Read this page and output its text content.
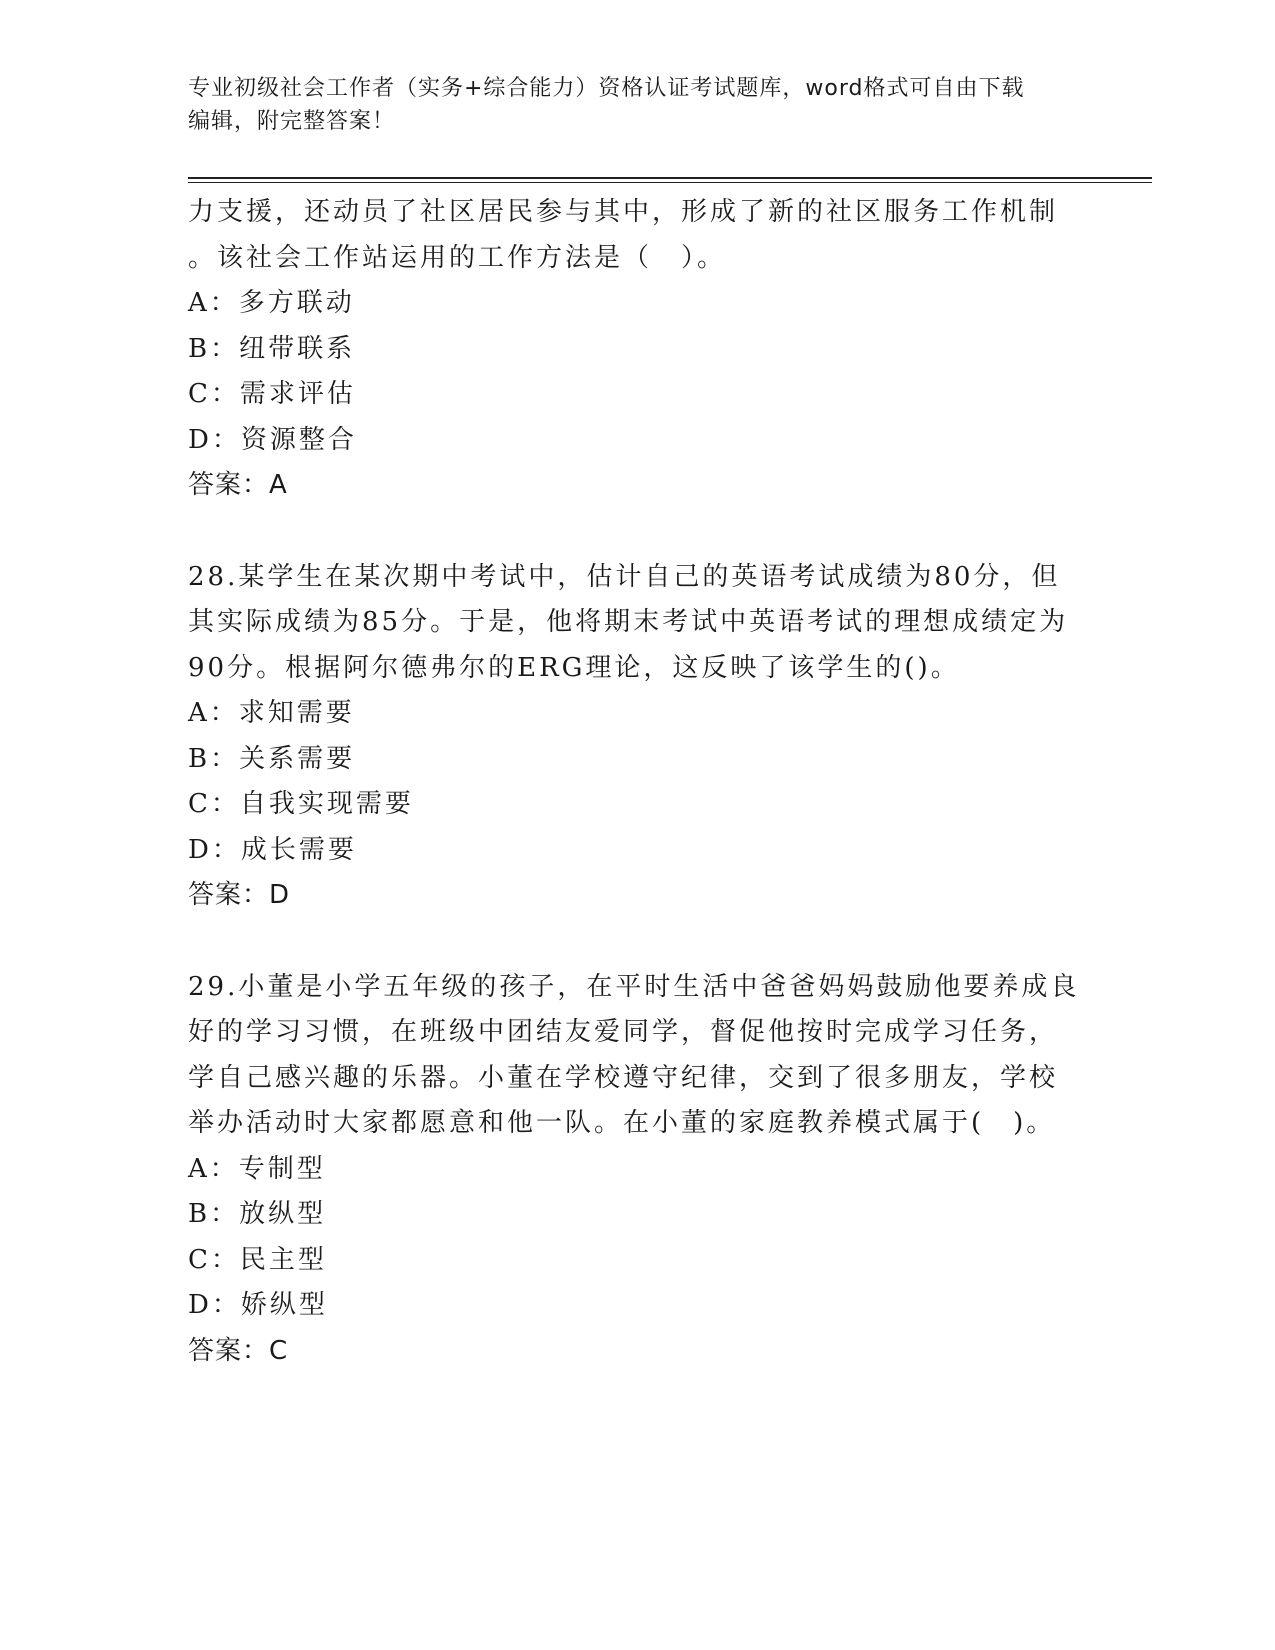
专业初级社会工作者（实务+综合能力）资格认证考试题库，word格式可自由下载
编辑，附完整答案！
力支援，还动员了社区居民参与其中，形成了新的社区服务工作机制
。该社会工作站运用的工作方法是（　）。
A：多方联动
B：纽带联系
C：需求评估
D：资源整合
答案：A
28.某学生在某次期中考试中，估计自己的英语考试成绩为80分，但
其实际成绩为85分。于是，他将期末考试中英语考试的理想成绩定为
90分。根据阿尔德弗尔的ERG理论，这反映了该学生的()。
A：求知需要
B：关系需要
C：自我实现需要
D：成长需要
答案：D
29.小董是小学五年级的孩子，在平时生活中爸爸妈妈鼓励他要养成良
好的学习习惯，在班级中团结友爱同学，督促他按时完成学习任务，
学自己感兴趣的乐器。小董在学校遵守纪律，交到了很多朋友，学校
举办活动时大家都愿意和他一队。在小董的家庭教养模式属于(　)。
A：专制型
B：放纵型
C：民主型
D：娇纵型
答案：C
